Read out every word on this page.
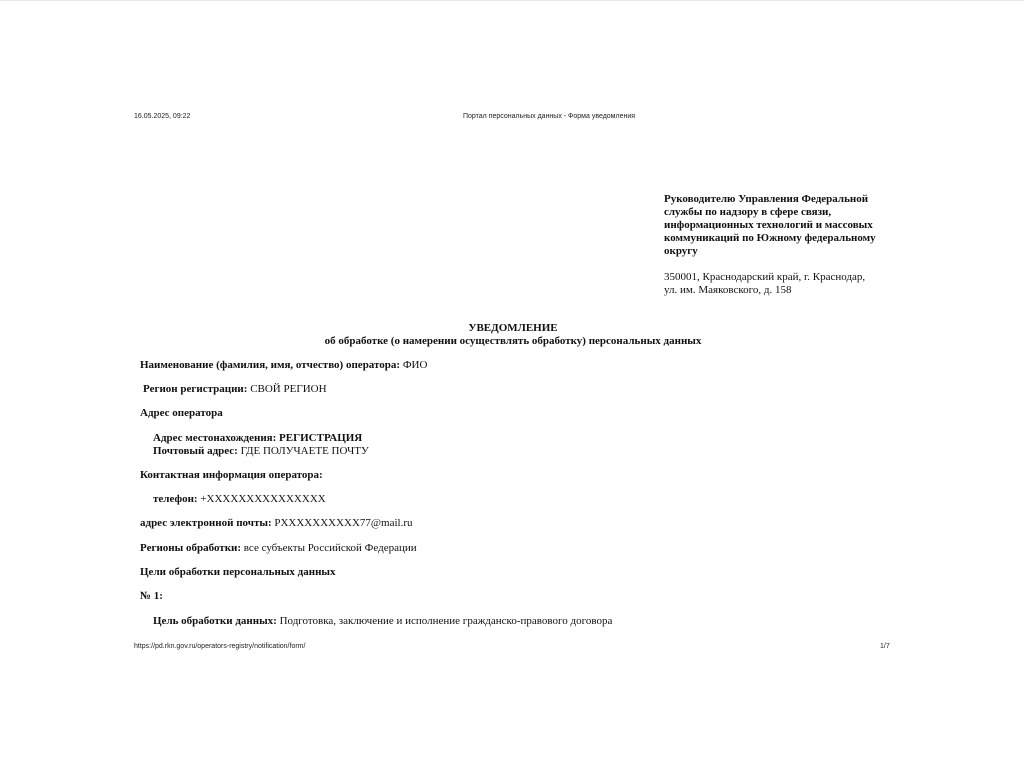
16.05.2025, 09:22	Портал персональных данных - Форма уведомления
Руководителю Управления Федеральной
службы по надзору в сфере связи,
информационных технологий и массовых
коммуникаций по Южному федеральному
округу
350001, Краснодарский край, г. Краснодар,
ул. им. Маяковского, д. 158
УВЕДОМЛЕНИЕ
об обработке (о намерении осуществлять обработку) персональных данных
Наименование (фамилия, имя, отчество) оператора: ФИО
Регион регистрации: СВОЙ РЕГИОН
Адрес оператора
Адрес местонахождения: РЕГИСТРАЦИЯ
Почтовый адрес: ГДЕ ПОЛУЧАЕТЕ ПОЧТУ
Контактная информация оператора:
телефон: +XXXXXXXXXXXXXXX
адрес электронной почты: PXXXXXXXXXX77@mail.ru
Регионы обработки: все субъекты Российской Федерации
Цели обработки персональных данных
№ 1:
Цель обработки данных: Подготовка, заключение и исполнение гражданско-правового договора
https://pd.rkn.gov.ru/operators-registry/notification/form/	1/7
